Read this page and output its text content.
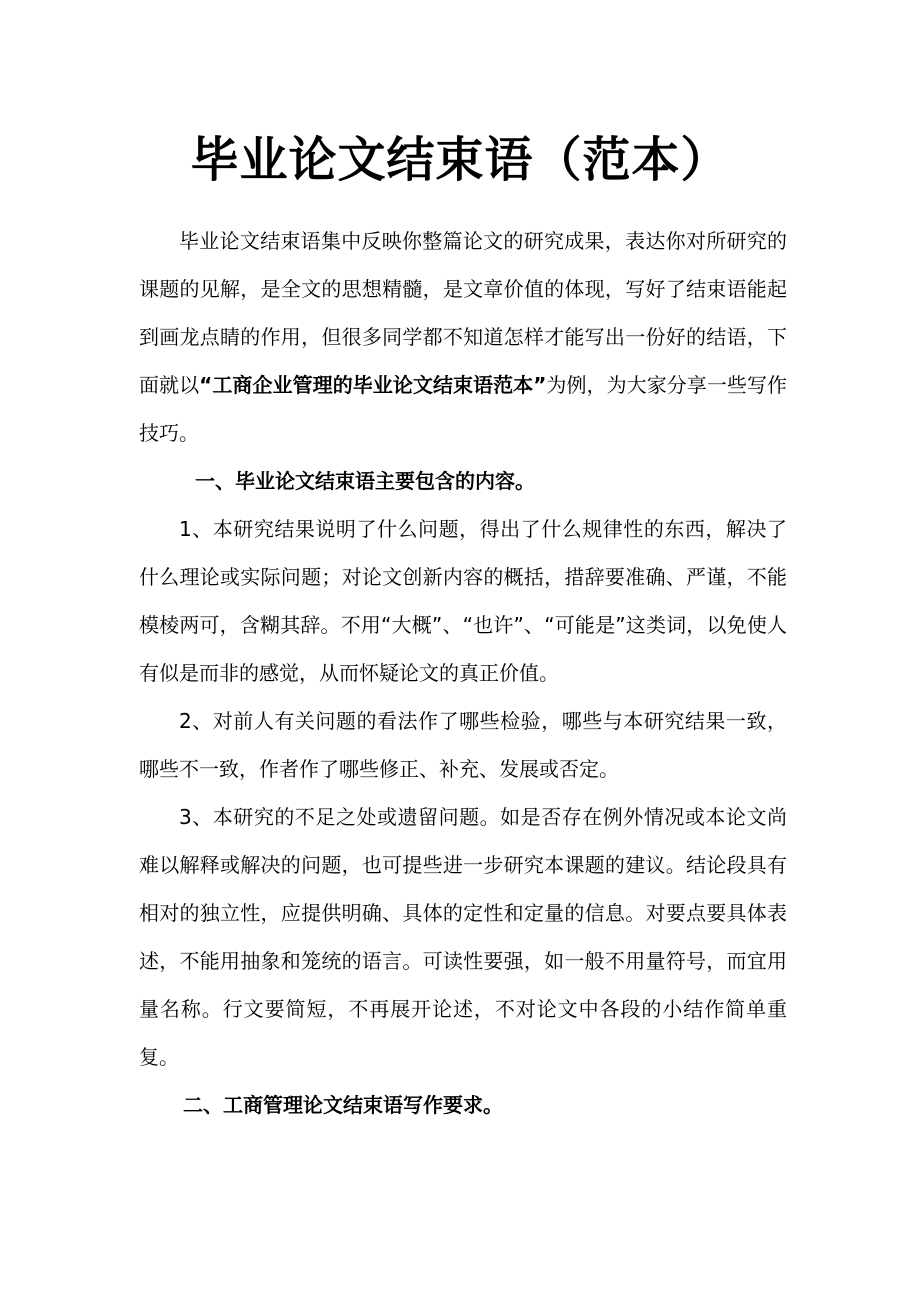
毕业论文结束语（范本）

毕业论文结束语集中反映你整篇论文的研究成果，表达你对所研究的课题的见解，是全文的思想精髓，是文章价值的体现，写好了结束语能起到画龙点睛的作用，但很多同学都不知道怎样才能写出一份好的结语，下面就以“工商企业管理的毕业论文结束语范本”为例，为大家分享一些写作技巧。

一、毕业论文结束语主要包含的内容。

1、本研究结果说明了什么问题，得出了什么规律性的东西，解决了什么理论或实际问题；对论文创新内容的概括，措辞要准确、严谨，不能模棱两可，含糊其辞。不用“大概”、“也许”、“可能是”这类词，以免使人有似是而非的感觉，从而怀疑论文的真正价值。

2、对前人有关问题的看法作了哪些检验，哪些与本研究结果一致，哪些不一致，作者作了哪些修正、补充、发展或否定。

3、本研究的不足之处或遗留问题。如是否存在例外情况或本论文尚难以解释或解决的问题，也可提些进一步研究本课题的建议。结论段具有相对的独立性，应提供明确、具体的定性和定量的信息。对要点要具体表述，不能用抽象和笼统的语言。可读性要强，如一般不用量符号，而宜用量名称。行文要简短，不再展开论述，不对论文中各段的小结作简单重复。

二、工商管理论文结束语写作要求。
